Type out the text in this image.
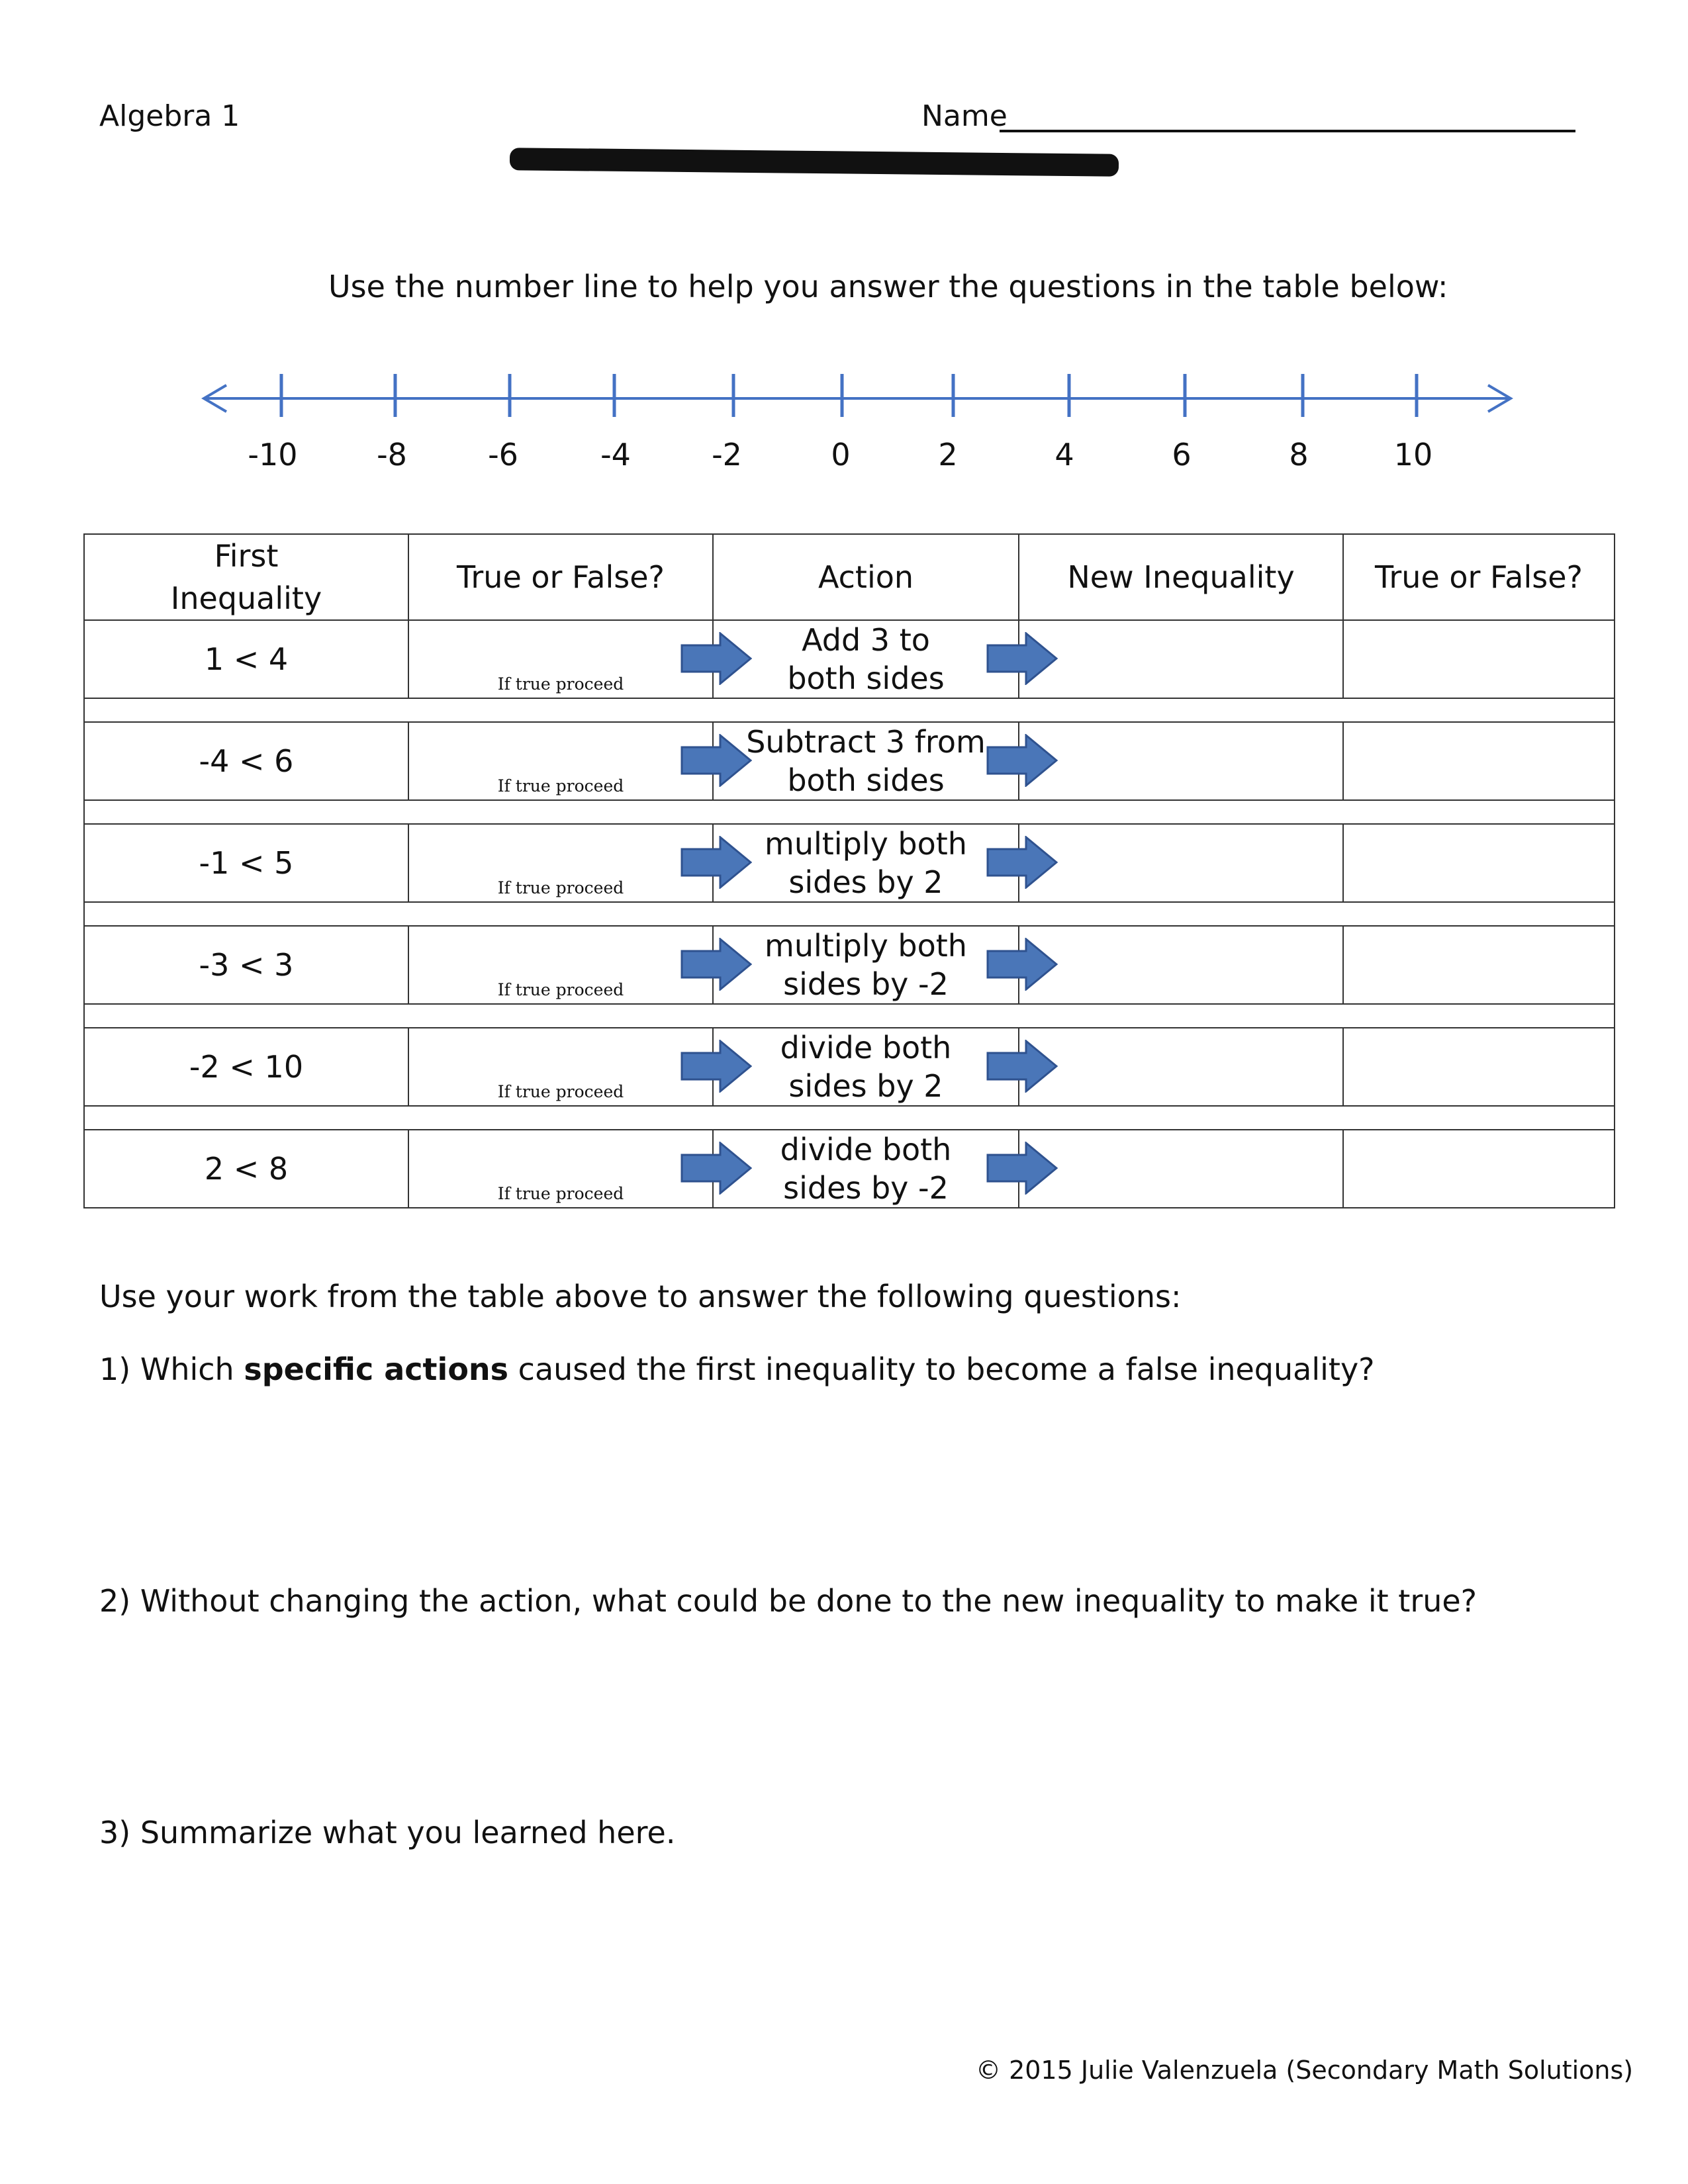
Algebra 1	Name
Use the number line to help you answer the questions in the table below:
-10	-8	-6	-4	-2	0	2	4	6	8	10
First Inequality	True or False?	Action	New Inequality	True or False?
1 < 4	If true proceed	Add 3 to
both sides		

-4 < 6	If true proceed	Subtract 3 from
both sides		

-1 < 5	If true proceed	multiply both
sides by 2		

-3 < 3	If true proceed	multiply both
sides by -2		

-2 < 10	If true proceed	divide both
sides by 2		

2 < 8	If true proceed	divide both
sides by -2		

Use your work from the table above to answer the following questions:
1) Which specific actions caused the first inequality to become a false inequality?
2) Without changing the action, what could be done to the new inequality to make it true?
3) Summarize what you learned here.
© 2015 Julie Valenzuela (Secondary Math Solutions)
